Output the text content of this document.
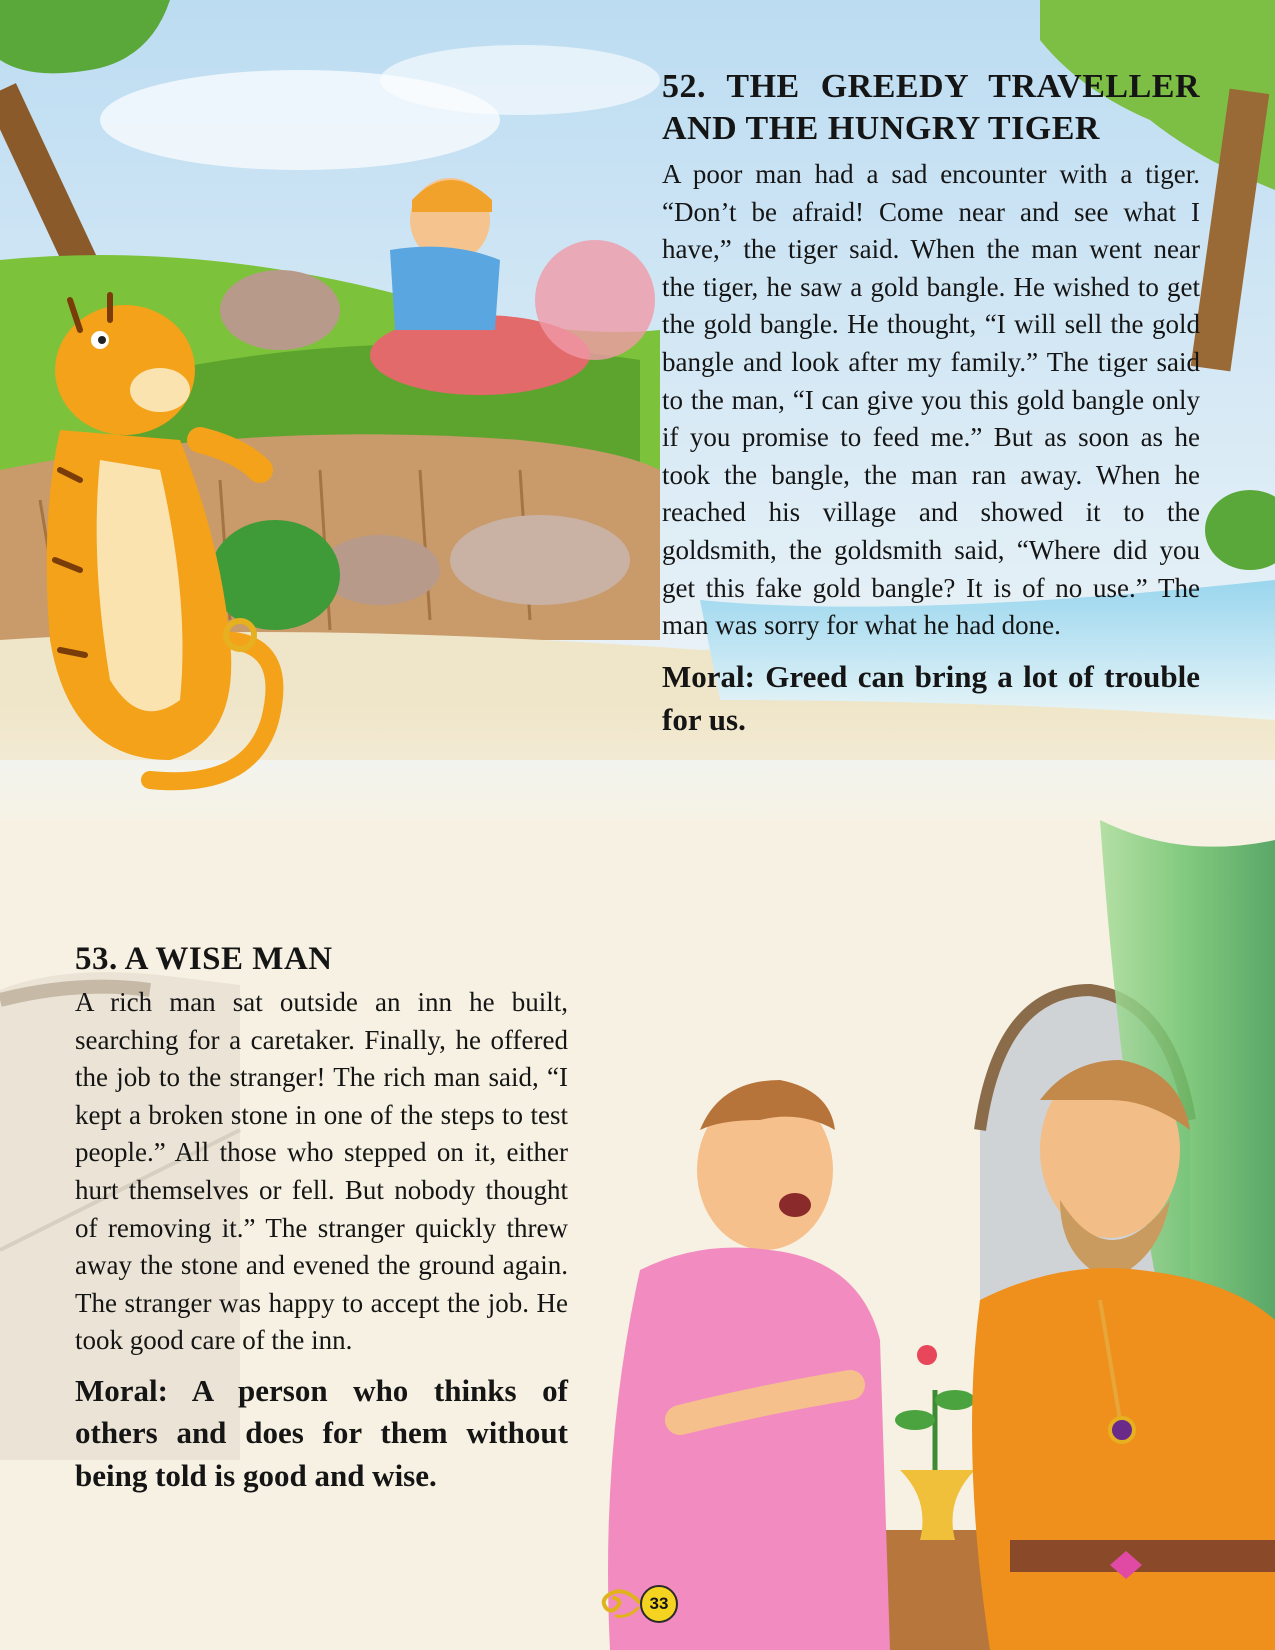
52. THE GREEDY TRAVELLER AND THE HUNGRY TIGER

A poor man had a sad encounter with a tiger. “Don’t be afraid! Come near and see what I have,” the tiger said. When the man went near the tiger, he saw a gold bangle. He wished to get the gold bangle. He thought, “I will sell the gold bangle and look after my family.” The tiger said to the man, “I can give you this gold bangle only if you promise to feed me.” But as soon as he took the bangle, the man ran away. When he reached his village and showed it to the goldsmith, the goldsmith said, “Where did you get this fake gold bangle? It is of no use.” The man was sorry for what he had done.

Moral: Greed can bring a lot of trouble for us.

53. A WISE MAN

A rich man sat outside an inn he built, searching for a caretaker. Finally, he offered the job to the stranger! The rich man said, “I kept a broken stone in one of the steps to test people.” All those who stepped on it, either hurt themselves or fell. But nobody thought of removing it.” The stranger quickly threw away the stone and evened the ground again. The stranger was happy to accept the job. He took good care of the inn.

Moral: A person who thinks of others and does for them without being told is good and wise.

33
